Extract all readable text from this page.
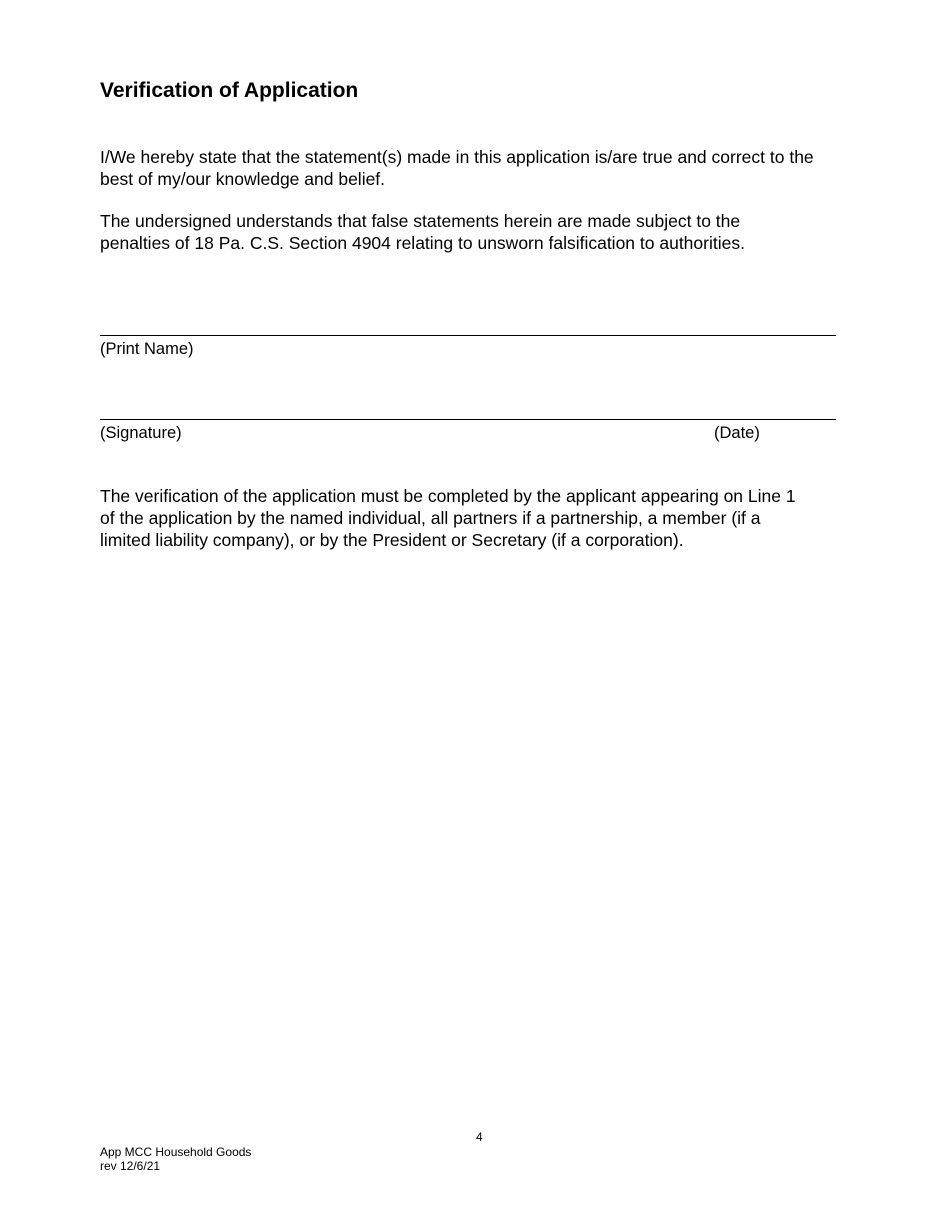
Verification of Application

I/We hereby state that the statement(s) made in this application is/are true and correct to the
best of my/our knowledge and belief.

The undersigned understands that false statements herein are made subject to the
penalties of 18 Pa. C.S. Section 4904 relating to unsworn falsification to authorities.

(Print Name)
(Signature)	(Date)

The verification of the application must be completed by the applicant appearing on Line 1
of the application by the named individual, all partners if a partnership, a member (if a
limited liability company), or by the President or Secretary (if a corporation).

4
App MCC Household Goods
rev 12/6/21
